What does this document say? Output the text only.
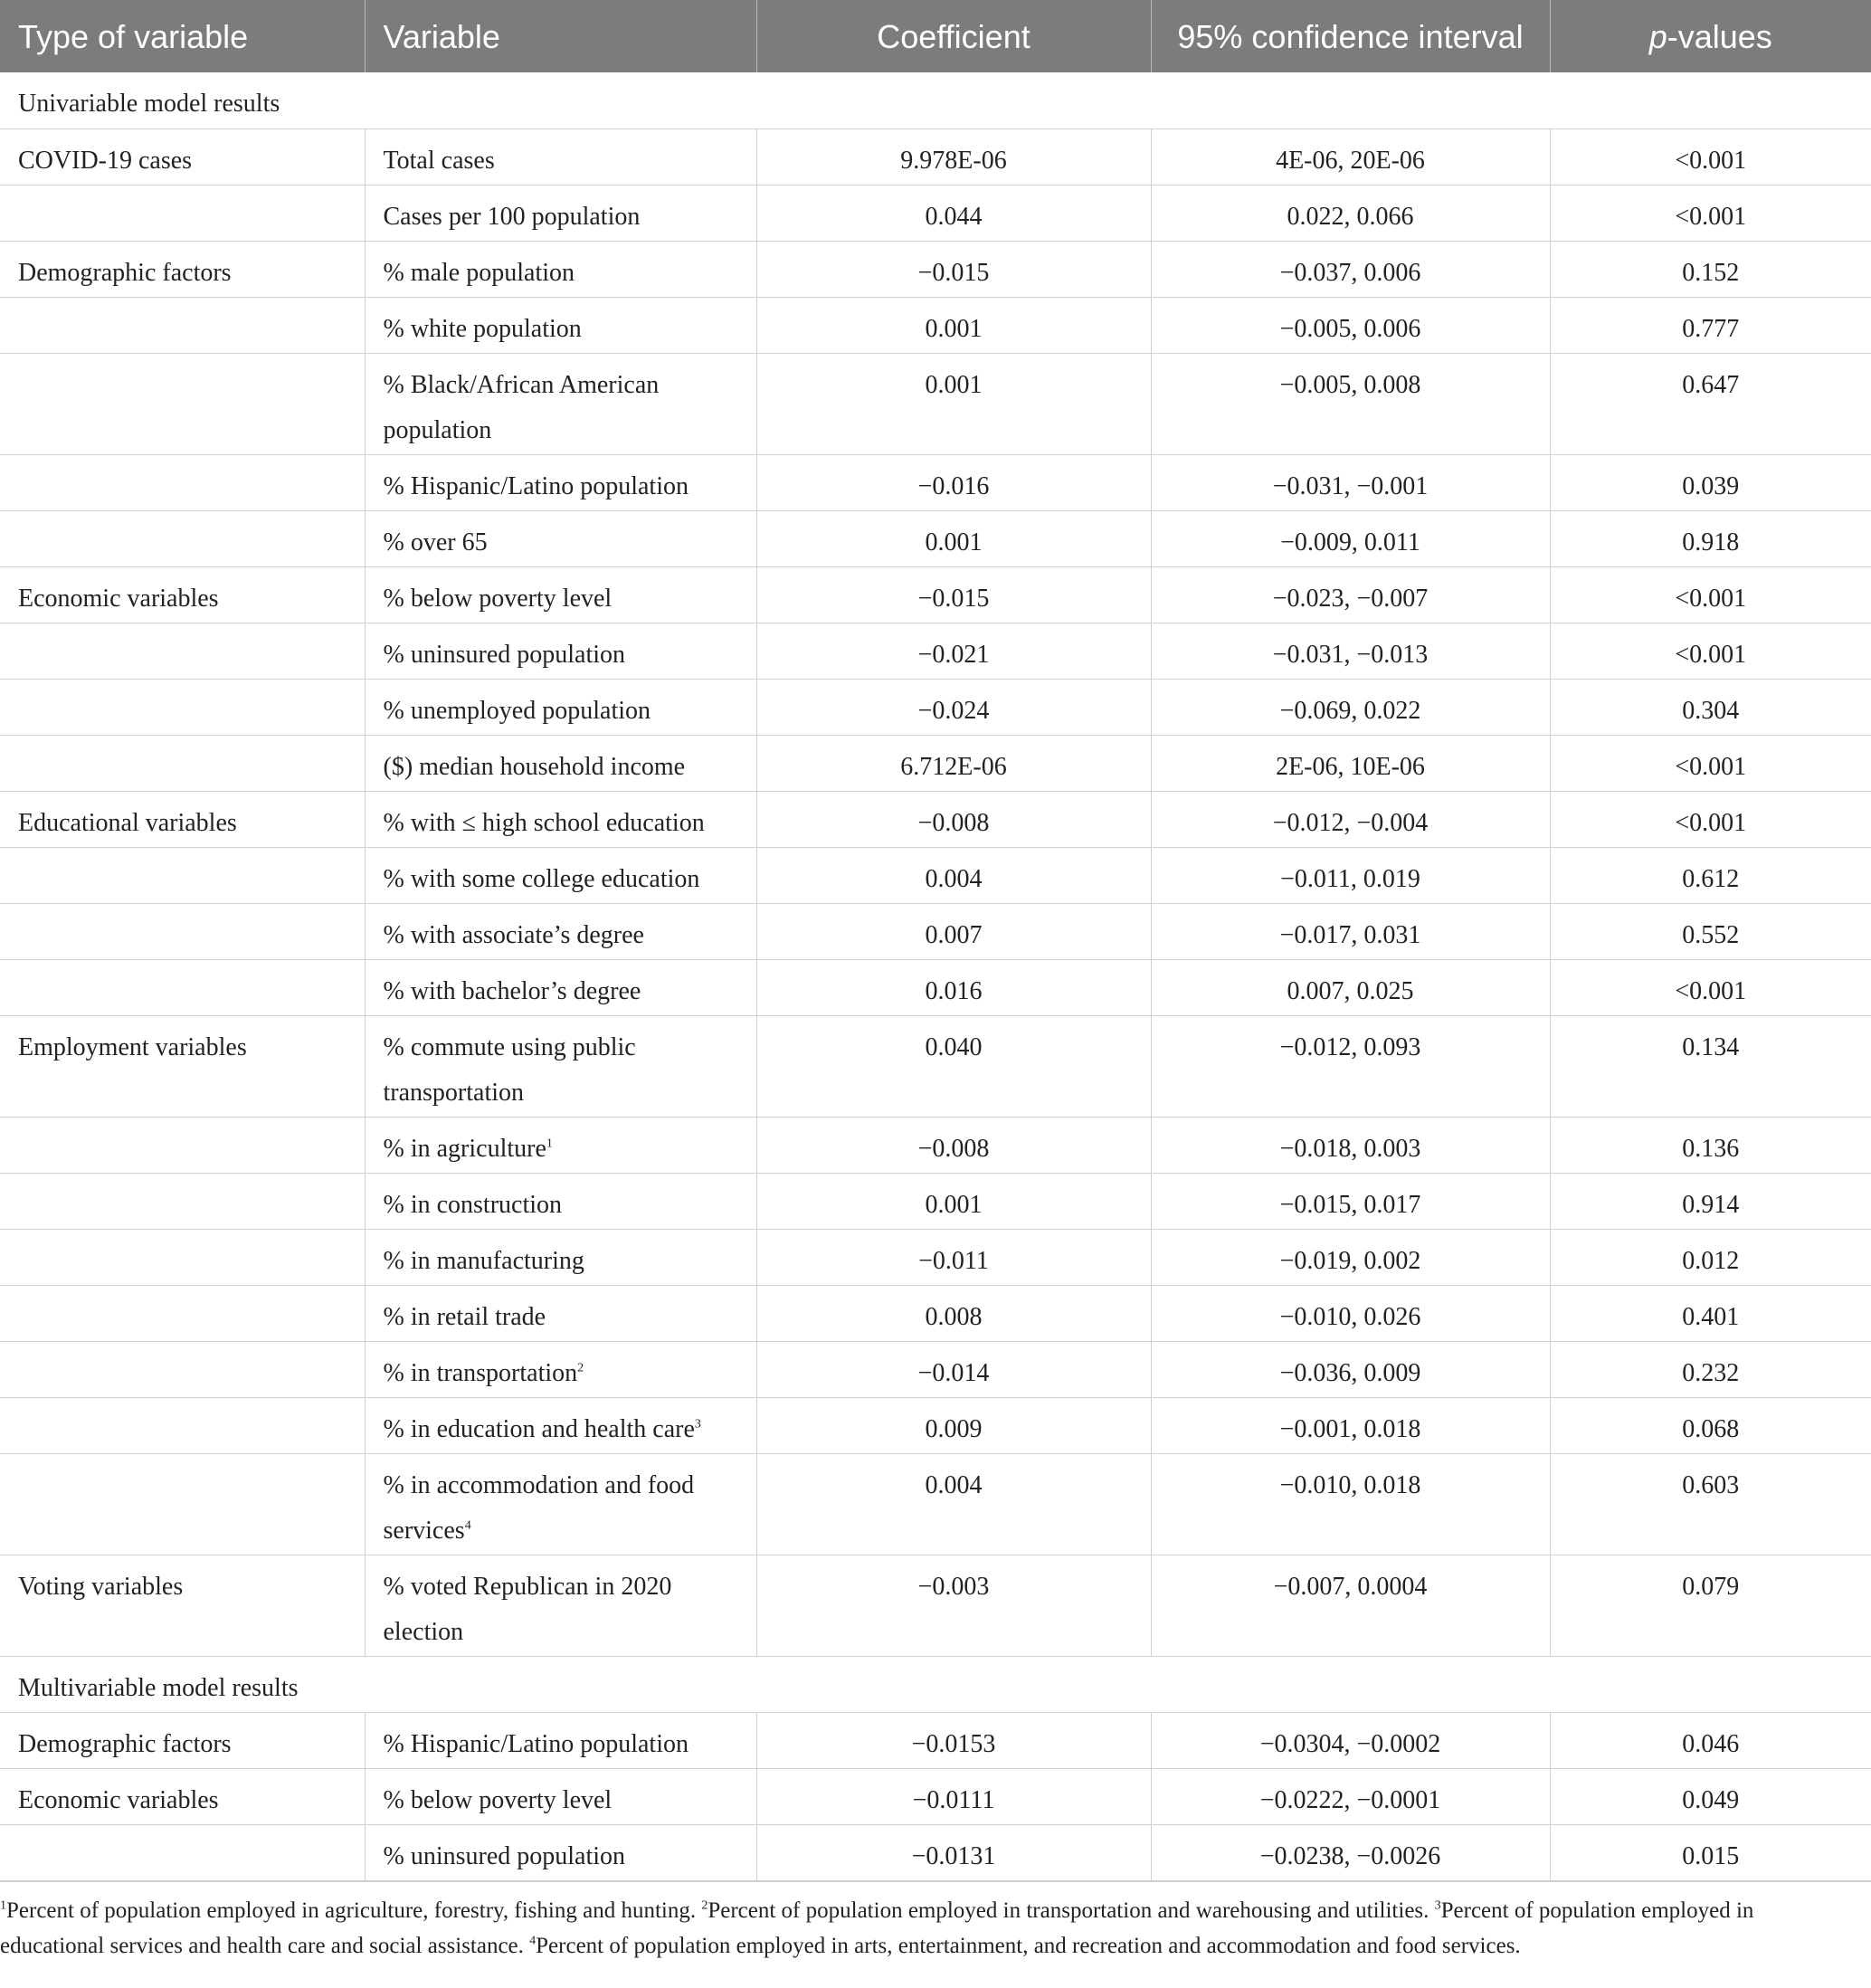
Type of variable	Variable	Coefficient	95% confidence interval	p-values
Univariable model results				
COVID-19 cases	Total cases	9.978E-06	4E-06, 20E-06	<0.001
	Cases per 100 population	0.044	0.022, 0.066	<0.001
Demographic factors	% male population	−0.015	−0.037, 0.006	0.152
	% white population	0.001	−0.005, 0.006	0.777
	% Black/African American population	0.001	−0.005, 0.008	0.647
	% Hispanic/Latino population	−0.016	−0.031, −0.001	0.039
	% over 65	0.001	−0.009, 0.011	0.918
Economic variables	% below poverty level	−0.015	−0.023, −0.007	<0.001
	% uninsured population	−0.021	−0.031, −0.013	<0.001
	% unemployed population	−0.024	−0.069, 0.022	0.304
	($) median household income	6.712E-06	2E-06, 10E-06	<0.001
Educational variables	% with ≤ high school education	−0.008	−0.012, −0.004	<0.001
	% with some college education	0.004	−0.011, 0.019	0.612
	% with associate’s degree	0.007	−0.017, 0.031	0.552
	% with bachelor’s degree	0.016	0.007, 0.025	<0.001
Employment variables	% commute using public transportation	0.040	−0.012, 0.093	0.134
	% in agriculture$^1$	−0.008	−0.018, 0.003	0.136
	% in construction	0.001	−0.015, 0.017	0.914
	% in manufacturing	−0.011	−0.019, 0.002	0.012
	% in retail trade	0.008	−0.010, 0.026	0.401
	% in transportation$^2$	−0.014	−0.036, 0.009	0.232
	% in education and health care$^3$	0.009	−0.001, 0.018	0.068
	% in accommodation and food services$^4$	0.004	−0.010, 0.018	0.603
Voting variables	% voted Republican in 2020 election	−0.003	−0.007, 0.0004	0.079
Multivariable model results				
Demographic factors	% Hispanic/Latino population	−0.0153	−0.0304, −0.0002	0.046
Economic variables	% below poverty level	−0.0111	−0.0222, −0.0001	0.049
	% uninsured population	−0.0131	−0.0238, −0.0026	0.015
$^1$Percent of population employed in agriculture, forestry, fishing and hunting. $^2$Percent of population employed in transportation and warehousing and utilities. $^3$Percent of population employed in educational services and health care and social assistance. $^4$Percent of population employed in arts, entertainment, and recreation and accommodation and food services.
